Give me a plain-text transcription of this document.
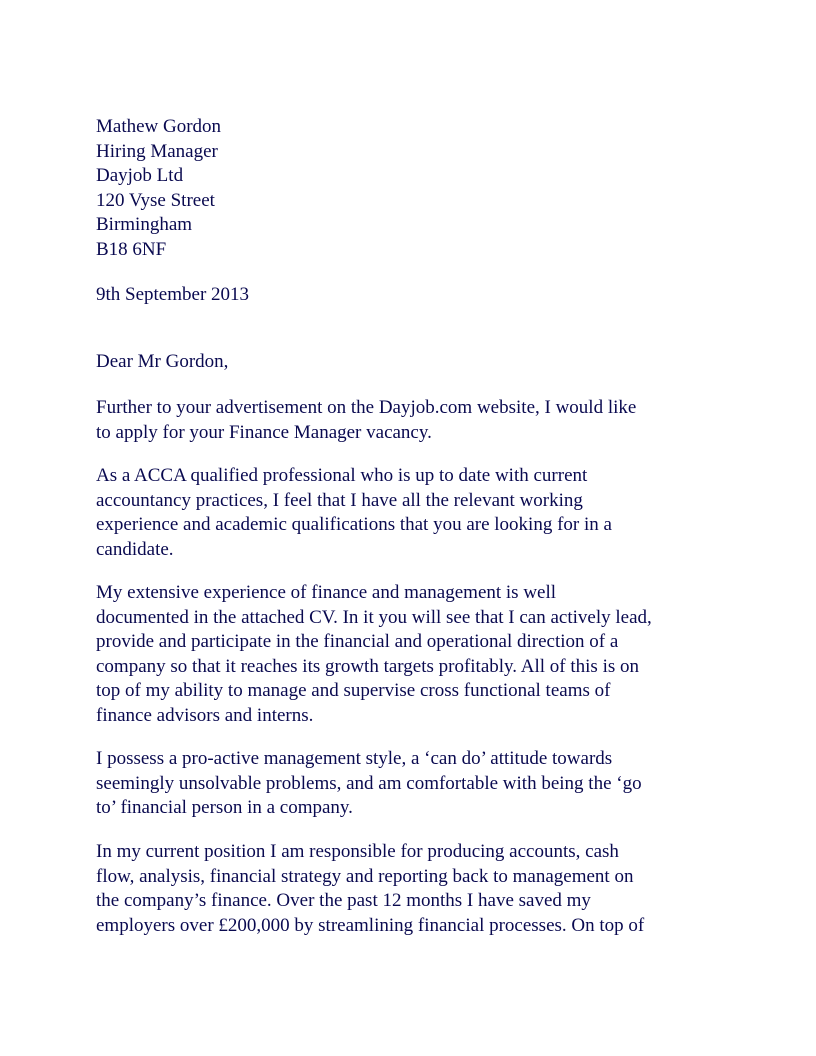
Mathew Gordon
Hiring Manager
Dayjob Ltd
120 Vyse Street
Birmingham
B18 6NF
9th September 2013
Dear Mr Gordon,
Further to your advertisement on the Dayjob.com website, I would like
to apply for your Finance Manager vacancy.
As a ACCA qualified professional who is up to date with current
accountancy practices, I feel that I have all the relevant working
experience and academic qualifications that you are looking for in a
candidate.
My extensive experience of finance and management is well
documented in the attached CV. In it you will see that I can actively lead,
provide and participate in the financial and operational direction of a
company so that it reaches its growth targets profitably. All of this is on
top of my ability to manage and supervise cross functional teams of
finance advisors and interns.
I possess a pro-active management style, a ‘can do’ attitude towards
seemingly unsolvable problems, and am comfortable with being the ‘go
to’ financial person in a company.
In my current position I am responsible for producing accounts, cash
flow, analysis, financial strategy and reporting back to management on
the company’s finance. Over the past 12 months I have saved my
employers over £200,000 by streamlining financial processes. On top of
